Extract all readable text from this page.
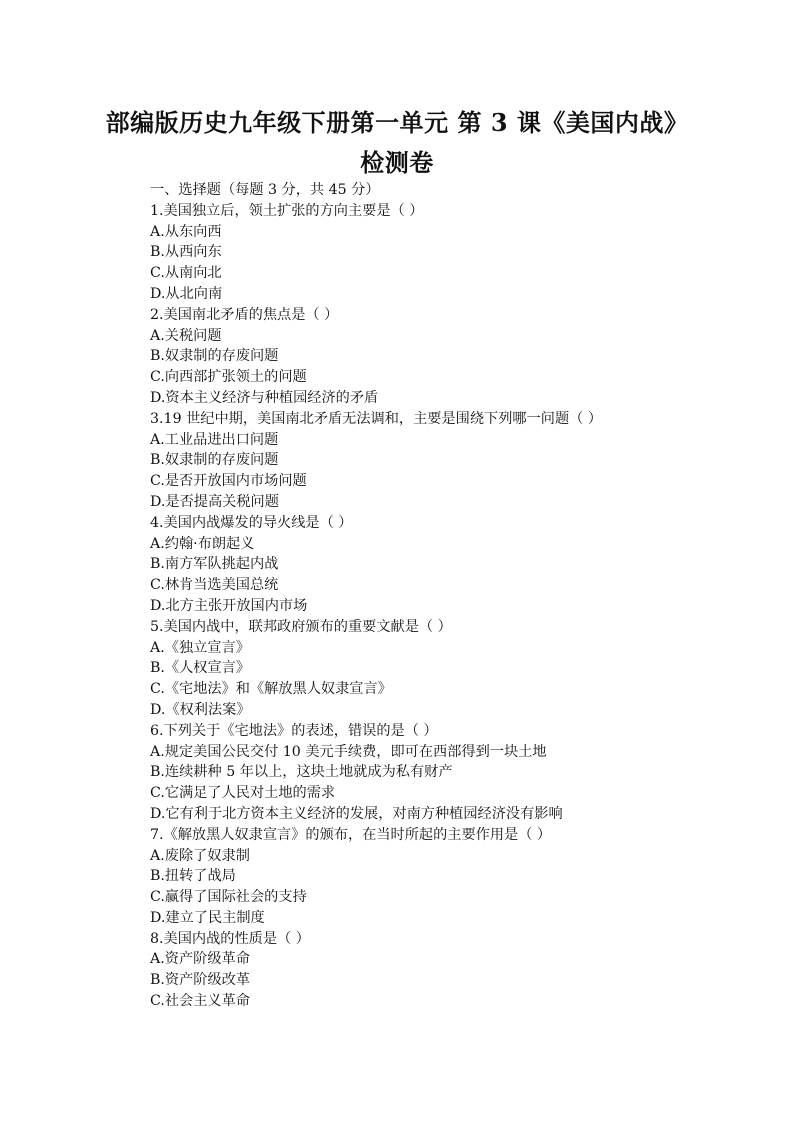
部编版历史九年级下册第一单元 第 3 课《美国内战》
检测卷

一、选择题（每题 3 分，共 45 分）

1.美国独立后，领土扩张的方向主要是（ ）

A.从东向西

B.从西向东

C.从南向北

D.从北向南

2.美国南北矛盾的焦点是（ ）

A.关税问题

B.奴隶制的存废问题

C.向西部扩张领土的问题

D.资本主义经济与种植园经济的矛盾

3.19 世纪中期，美国南北矛盾无法调和，主要是围绕下列哪一问题（ ）

A.工业品进出口问题

B.奴隶制的存废问题

C.是否开放国内市场问题

D.是否提高关税问题

4.美国内战爆发的导火线是（ ）

A.约翰·布朗起义

B.南方军队挑起内战

C.林肯当选美国总统

D.北方主张开放国内市场

5.美国内战中，联邦政府颁布的重要文献是（ ）

A.《独立宣言》

B.《人权宣言》

C.《宅地法》和《解放黑人奴隶宣言》

D.《权利法案》

6.下列关于《宅地法》的表述，错误的是（ ）

A.规定美国公民交付 10 美元手续费，即可在西部得到一块土地

B.连续耕种 5 年以上，这块土地就成为私有财产

C.它满足了人民对土地的需求

D.它有利于北方资本主义经济的发展，对南方种植园经济没有影响

7.《解放黑人奴隶宣言》的颁布，在当时所起的主要作用是（ ）

A.废除了奴隶制

B.扭转了战局

C.赢得了国际社会的支持

D.建立了民主制度

8.美国内战的性质是（ ）

A.资产阶级革命

B.资产阶级改革

C.社会主义革命
